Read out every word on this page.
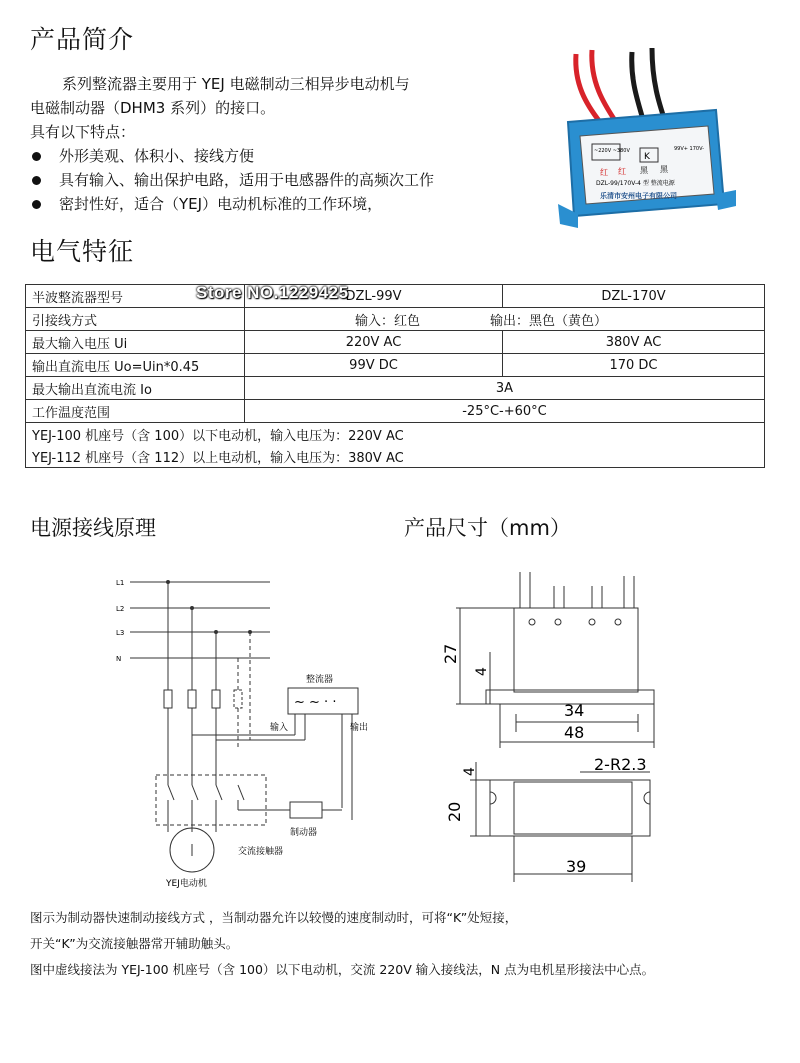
产品简介
系列整流器主要用于 YEJ 电磁制动三相异步电动机与
电磁制动器（DHM3 系列）的接口。
具有以下特点：
外形美观、体积小、接线方便
具有输入、输出保护电路，适用于电感器件的高频次工作
密封性好，适合（YEJ）电动机标准的工作环境，
~220V ~380V
K
99V+ 170V-
红 红 黑 黑
DZL-99/170V-4 型 整流电源
乐清市安州电子有限公司
电气特征
半波整流器型号	DZL-99V	DZL-170V
引接线方式	输入：红色 输出：黑色（黄色）	
最大输入电压 Ui	220V AC	380V AC
输出直流电压 Uo=Uin*0.45	99V DC	170 DC
最大输出直流电流 Io	3A	
工作温度范围	-25°C-+60°C	
YEJ-100 机座号（含 100）以下电动机，输入电压为：220V AC		
YEJ-112 机座号（含 112）以上电动机，输入电压为：380V AC		
Store NO.1229425
电源接线原理	产品尺寸（mm）
L1
L2
L3
N
整流器
~ ~ · ·
输入	输出
制动器
交流接触器
YEJ电动机
27
4
34
48
4
20
2-R2.3
39
图示为制动器快速制动接线方式 ，当制动器允许以较慢的速度制动时，可将“K”处短接，
开关“K”为交流接触器常开辅助触头。
图中虚线接法为 YEJ-100 机座号（含 100）以下电动机，交流 220V 输入接线法，N 点为电机星形接法中心点。
